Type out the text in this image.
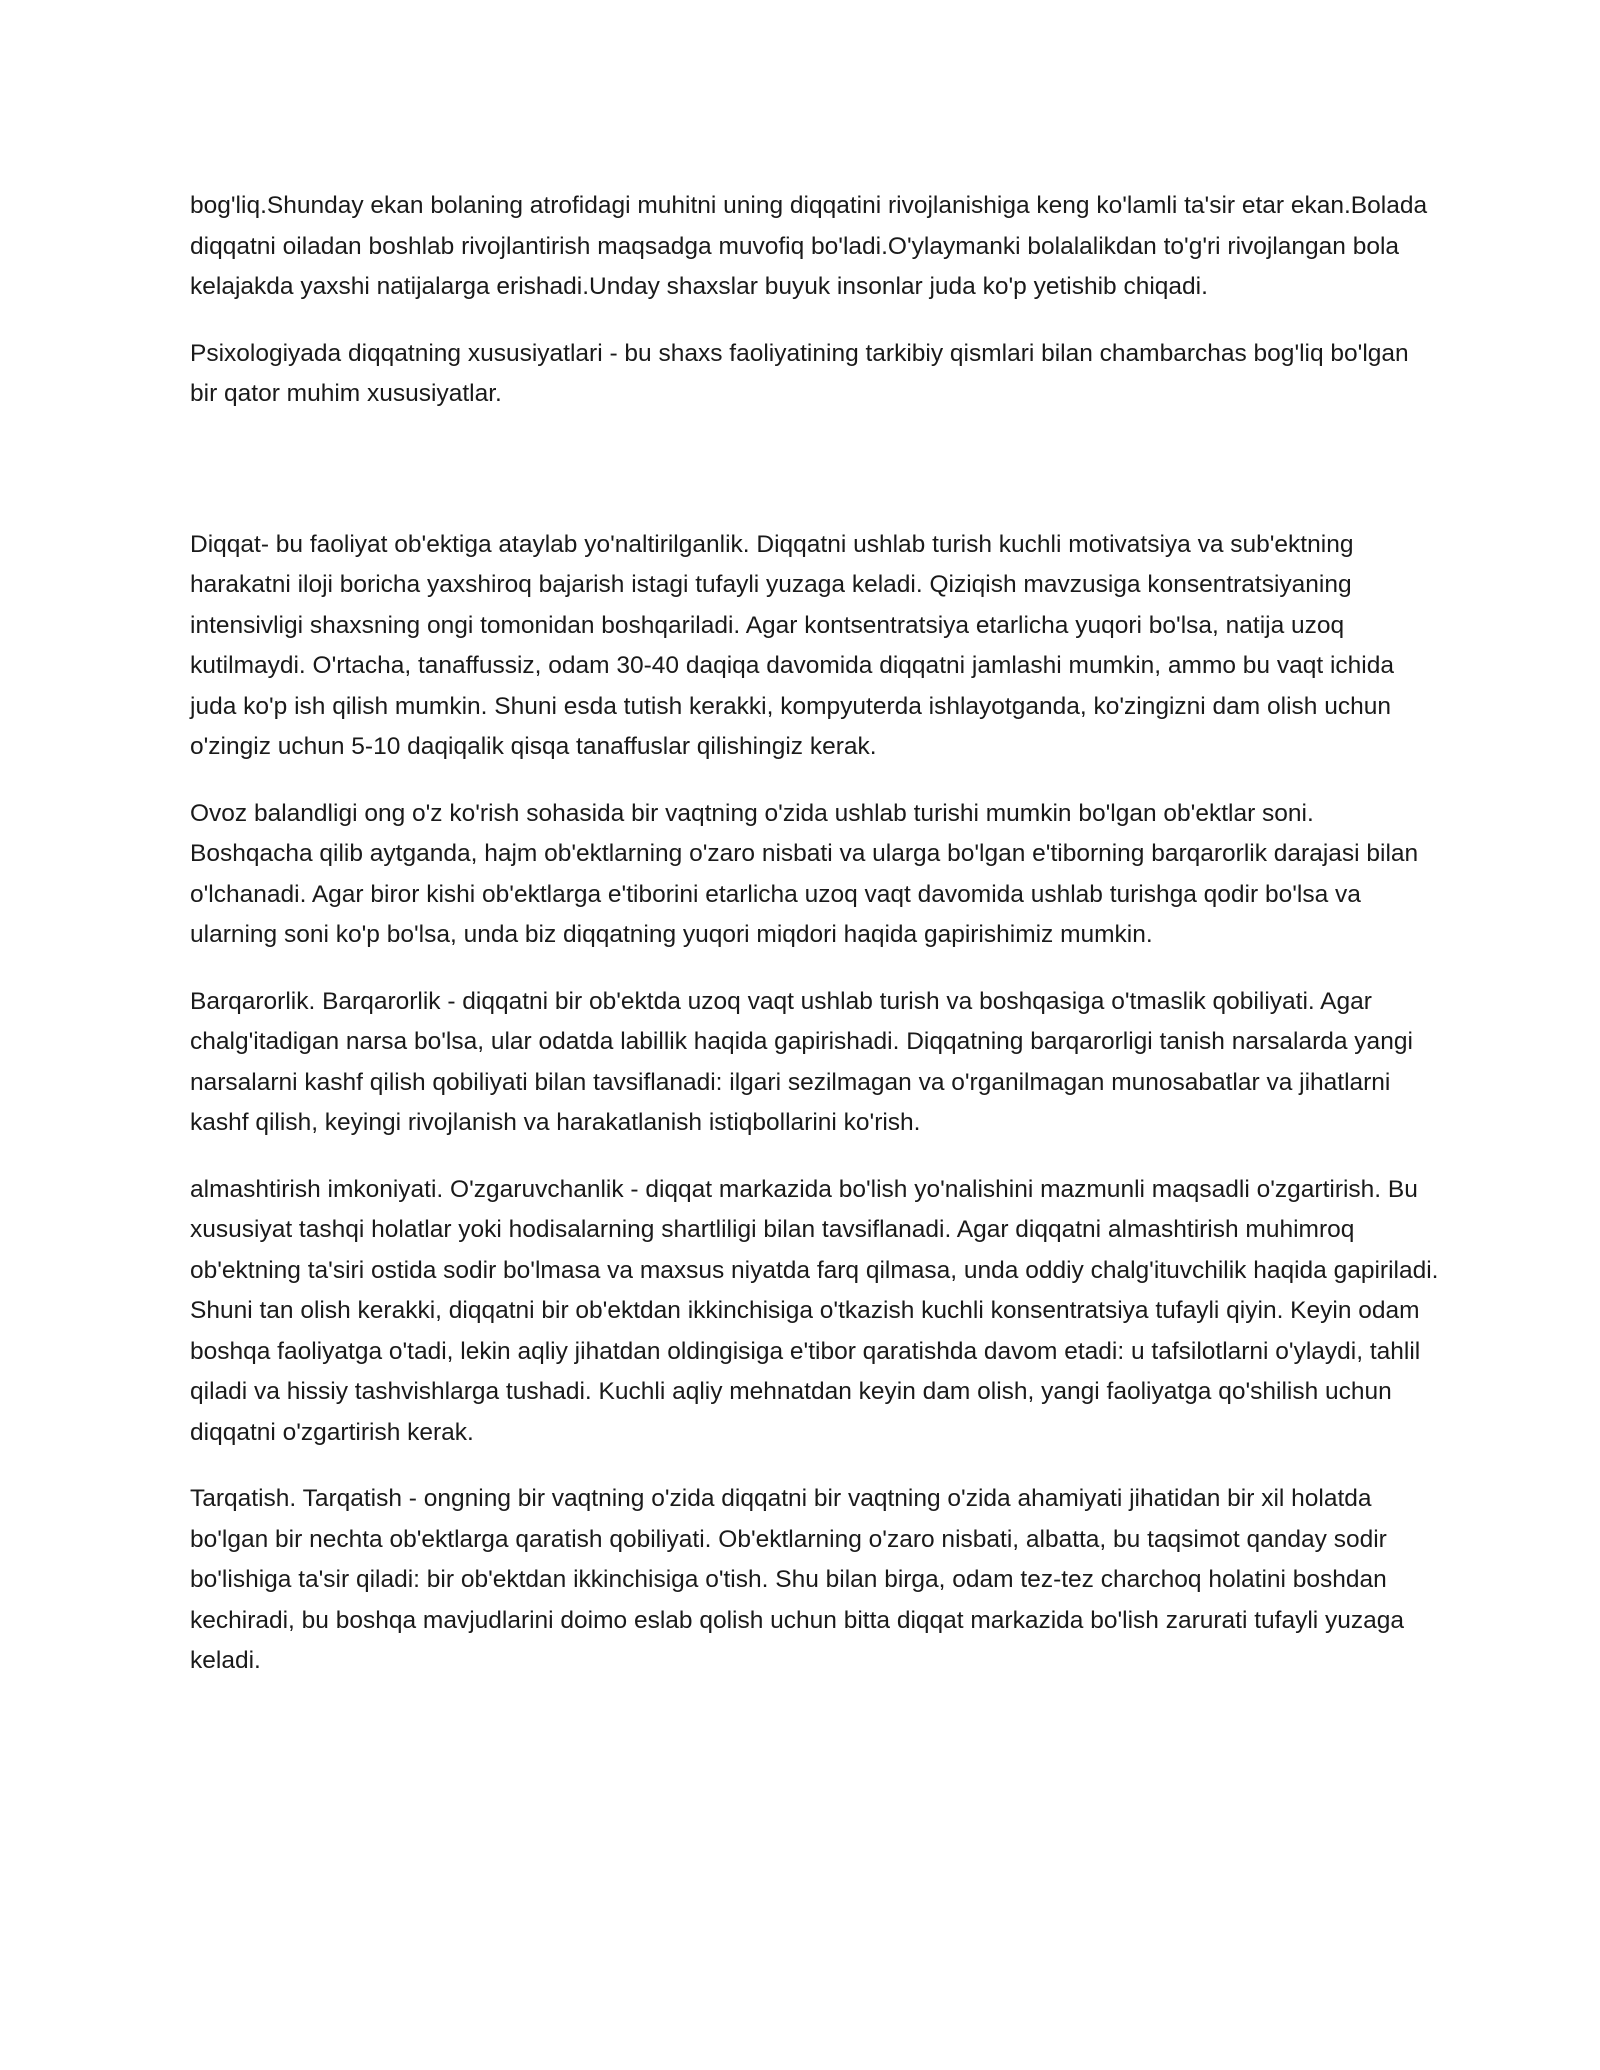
bog'liq.Shunday ekan bolaning atrofidagi muhitni uning diqqatini rivojlanishiga keng ko'lamli ta'sir etar ekan.Bolada diqqatni oiladan boshlab rivojlantirish maqsadga muvofiq bo'ladi.O'ylaymanki bolalalikdan to'g'ri rivojlangan bola kelajakda yaxshi natijalarga erishadi.Unday shaxslar buyuk insonlar juda ko'p yetishib chiqadi.

Psixologiyada diqqatning xususiyatlari - bu shaxs faoliyatining tarkibiy qismlari bilan chambarchas bog'liq bo'lgan bir qator muhim xususiyatlar.

Diqqat- bu faoliyat ob'ektiga ataylab yo'naltirilganlik. Diqqatni ushlab turish kuchli motivatsiya va sub'ektning harakatni iloji boricha yaxshiroq bajarish istagi tufayli yuzaga keladi. Qiziqish mavzusiga konsentratsiyaning intensivligi shaxsning ongi tomonidan boshqariladi. Agar kontsentratsiya etarlicha yuqori bo'lsa, natija uzoq kutilmaydi. O'rtacha, tanaffussiz, odam 30-40 daqiqa davomida diqqatni jamlashi mumkin, ammo bu vaqt ichida juda ko'p ish qilish mumkin. Shuni esda tutish kerakki, kompyuterda ishlayotganda, ko'zingizni dam olish uchun o'zingiz uchun 5-10 daqiqalik qisqa tanaffuslar qilishingiz kerak.

Ovoz balandligi ong o'z ko'rish sohasida bir vaqtning o'zida ushlab turishi mumkin bo'lgan ob'ektlar soni. Boshqacha qilib aytganda, hajm ob'ektlarning o'zaro nisbati va ularga bo'lgan e'tiborning barqarorlik darajasi bilan o'lchanadi. Agar biror kishi ob'ektlarga e'tiborini etarlicha uzoq vaqt davomida ushlab turishga qodir bo'lsa va ularning soni ko'p bo'lsa, unda biz diqqatning yuqori miqdori haqida gapirishimiz mumkin.

Barqarorlik. Barqarorlik - diqqatni bir ob'ektda uzoq vaqt ushlab turish va boshqasiga o'tmaslik qobiliyati. Agar chalg'itadigan narsa bo'lsa, ular odatda labillik haqida gapirishadi. Diqqatning barqarorligi tanish narsalarda yangi narsalarni kashf qilish qobiliyati bilan tavsiflanadi: ilgari sezilmagan va o'rganilmagan munosabatlar va jihatlarni kashf qilish, keyingi rivojlanish va harakatlanish istiqbollarini ko'rish.

almashtirish imkoniyati. O'zgaruvchanlik - diqqat markazida bo'lish yo'nalishini mazmunli maqsadli o'zgartirish. Bu xususiyat tashqi holatlar yoki hodisalarning shartliligi bilan tavsiflanadi. Agar diqqatni almashtirish muhimroq ob'ektning ta'siri ostida sodir bo'lmasa va maxsus niyatda farq qilmasa, unda oddiy chalg'ituvchilik haqida gapiriladi. Shuni tan olish kerakki, diqqatni bir ob'ektdan ikkinchisiga o'tkazish kuchli konsentratsiya tufayli qiyin. Keyin odam boshqa faoliyatga o'tadi, lekin aqliy jihatdan oldingisiga e'tibor qaratishda davom etadi: u tafsilotlarni o'ylaydi, tahlil qiladi va hissiy tashvishlarga tushadi. Kuchli aqliy mehnatdan keyin dam olish, yangi faoliyatga qo'shilish uchun diqqatni o'zgartirish kerak.

Tarqatish. Tarqatish - ongning bir vaqtning o'zida diqqatni bir vaqtning o'zida ahamiyati jihatidan bir xil holatda bo'lgan bir nechta ob'ektlarga qaratish qobiliyati. Ob'ektlarning o'zaro nisbati, albatta, bu taqsimot qanday sodir bo'lishiga ta'sir qiladi: bir ob'ektdan ikkinchisiga o'tish. Shu bilan birga, odam tez-tez charchoq holatini boshdan kechiradi, bu boshqa mavjudlarini doimo eslab qolish uchun bitta diqqat markazida bo'lish zarurati tufayli yuzaga keladi.
